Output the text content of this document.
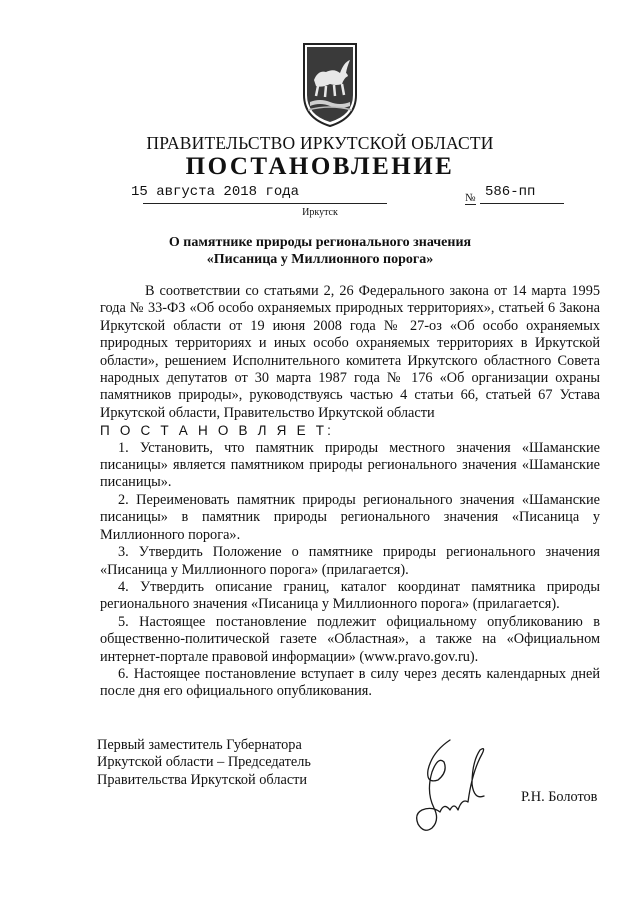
ПРАВИТЕЛЬСТВО ИРКУТСКОЙ ОБЛАСТИ
ПОСТАНОВЛЕНИЕ
15 августа 2018 года	№ 586-пп
Иркутск
О памятнике природы регионального значения
«Писаница у Миллионного порога»

В соответствии со статьями 2, 26 Федерального закона от 14 марта 1995 года № 33-ФЗ «Об особо охраняемых природных территориях», статьей 6 Закона Иркутской области от 19 июня 2008 года № 27-оз «Об особо охраняемых природных территориях и иных особо охраняемых территориях в Иркутской области», решением Исполнительного комитета Иркутского областного Совета народных депутатов от 30 марта 1987 года № 176 «Об организации охраны памятников природы», руководствуясь частью 4 статьи 66, статьей 67 Устава Иркутской области, Правительство Иркутской области

П О С Т А Н О В Л Я Е Т:

1. Установить, что памятник природы местного значения «Шаманские писаницы» является памятником природы регионального значения «Шаманские писаницы».

2. Переименовать памятник природы регионального значения «Шаманские писаницы» в памятник природы регионального значения «Писаница у Миллионного порога».

3. Утвердить Положение о памятнике природы регионального значения «Писаница у Миллионного порога» (прилагается).

4. Утвердить описание границ, каталог координат памятника природы регионального значения «Писаница у Миллионного порога» (прилагается).

5. Настоящее постановление подлежит официальному опубликованию в общественно-политической газете «Областная», а также на «Официальном интернет-портале правовой информации» (www.pravo.gov.ru).

6. Настоящее постановление вступает в силу через десять календарных дней после дня его официального опубликования.

Первый заместитель Губернатора
Иркутской области – Председатель
Правительства Иркутской области
Р.Н. Болотов
